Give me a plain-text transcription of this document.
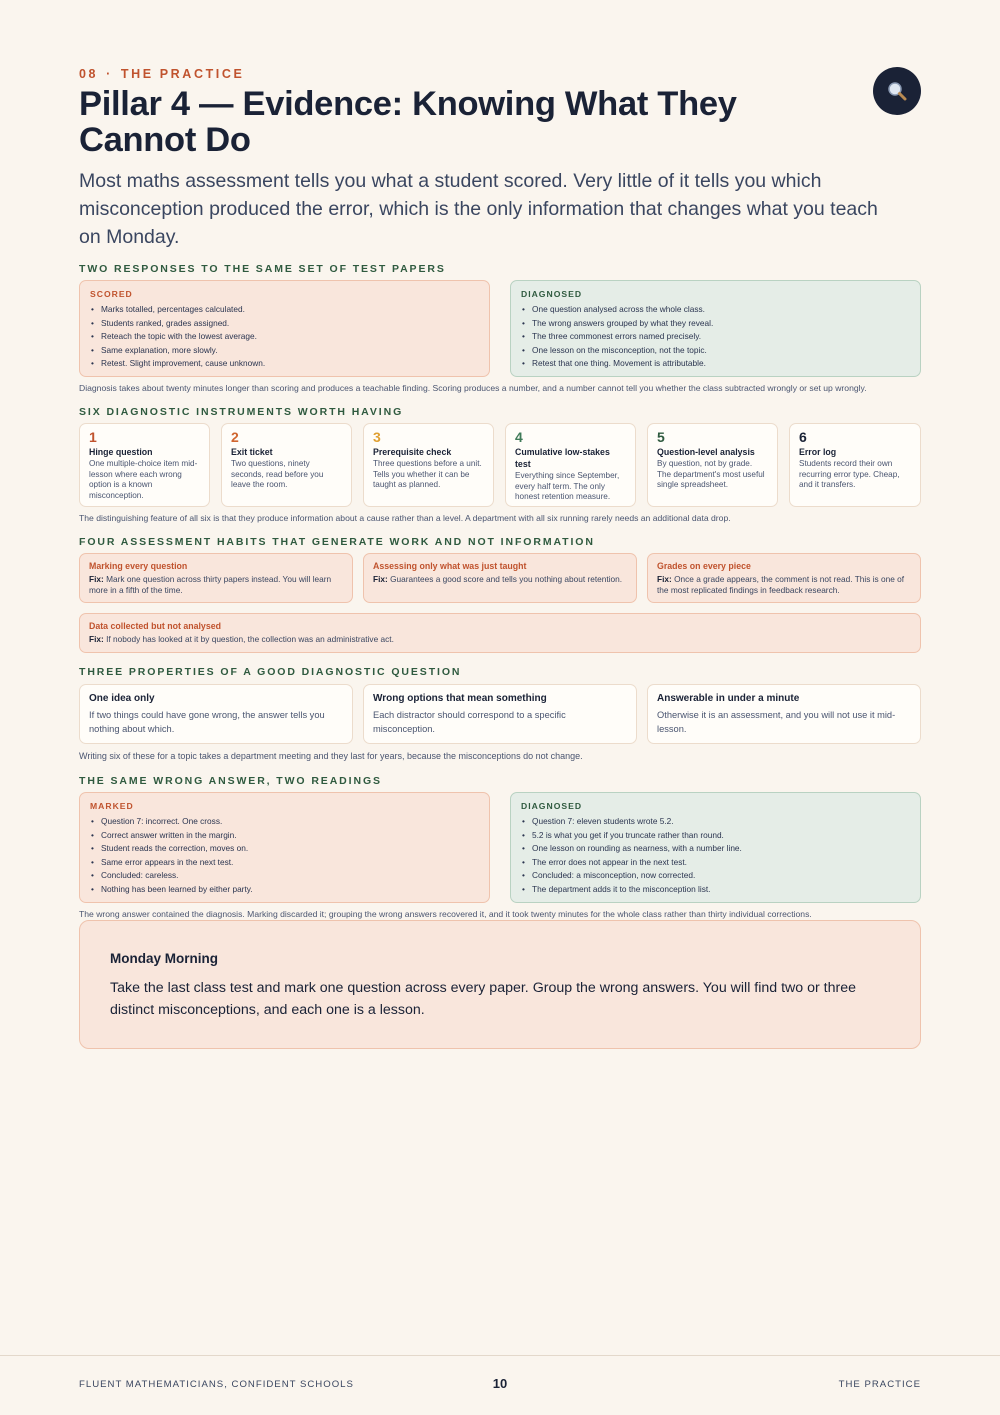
08 · THE PRACTICE
Pillar 4 — Evidence: Knowing What They Cannot Do

Most maths assessment tells you what a student scored. Very little of it tells you which misconception produced the error, which is the only information that changes what you teach on Monday.

TWO RESPONSES TO THE SAME SET OF TEST PAPERS
SCORED
• Marks totalled, percentages calculated.
• Students ranked, grades assigned.
• Reteach the topic with the lowest average.
• Same explanation, more slowly.
• Retest. Slight improvement, cause unknown.
DIAGNOSED
• One question analysed across the whole class.
• The wrong answers grouped by what they reveal.
• The three commonest errors named precisely.
• One lesson on the misconception, not the topic.
• Retest that one thing. Movement is attributable.

Diagnosis takes about twenty minutes longer than scoring and produces a teachable finding. Scoring produces a number, and a number cannot tell you whether the class subtracted wrongly or set up wrongly.

SIX DIAGNOSTIC INSTRUMENTS WORTH HAVING

1

Hinge question

One multiple-choice item mid-lesson where each wrong option is a known misconception.

2

Exit ticket

Two questions, ninety seconds, read before you leave the room.

3

Prerequisite check

Three questions before a unit. Tells you whether it can be taught as planned.

4

Cumulative low-stakes test

Everything since September, every half term. The only honest retention measure.

5

Question-level analysis

By question, not by grade. The department's most useful single spreadsheet.

6

Error log

Students record their own recurring error type. Cheap, and it transfers.

The distinguishing feature of all six is that they produce information about a cause rather than a level. A department with all six running rarely needs an additional data drop.

FOUR ASSESSMENT HABITS THAT GENERATE WORK AND NOT INFORMATION

Marking every question

Fix: Mark one question across thirty papers instead. You will learn more in a fifth of the time.

Assessing only what was just taught

Fix: Guarantees a good score and tells you nothing about retention.

Grades on every piece

Fix: Once a grade appears, the comment is not read. This is one of the most replicated findings in feedback research.

Data collected but not analysed

Fix: If nobody has looked at it by question, the collection was an administrative act.

THREE PROPERTIES OF A GOOD DIAGNOSTIC QUESTION

One idea only

If two things could have gone wrong, the answer tells you nothing about which.

Wrong options that mean something

Each distractor should correspond to a specific misconception.

Answerable in under a minute

Otherwise it is an assessment, and you will not use it mid-lesson.

Writing six of these for a topic takes a department meeting and they last for years, because the misconceptions do not change.

THE SAME WRONG ANSWER, TWO READINGS
MARKED
• Question 7: incorrect. One cross.
• Correct answer written in the margin.
• Student reads the correction, moves on.
• Same error appears in the next test.
• Concluded: careless.
• Nothing has been learned by either party.
DIAGNOSED
• Question 7: eleven students wrote 5.2.
• 5.2 is what you get if you truncate rather than round.
• One lesson on rounding as nearness, with a number line.
• The error does not appear in the next test.
• Concluded: a misconception, now corrected.
• The department adds it to the misconception list.

The wrong answer contained the diagnosis. Marking discarded it; grouping the wrong answers recovered it, and it took twenty minutes for the whole class rather than thirty individual corrections.

Monday Morning

Take the last class test and mark one question across every paper. Group the wrong answers. You will find two or three distinct misconceptions, and each one is a lesson.

FLUENT MATHEMATICIANS, CONFIDENT SCHOOLS	10	THE PRACTICE
